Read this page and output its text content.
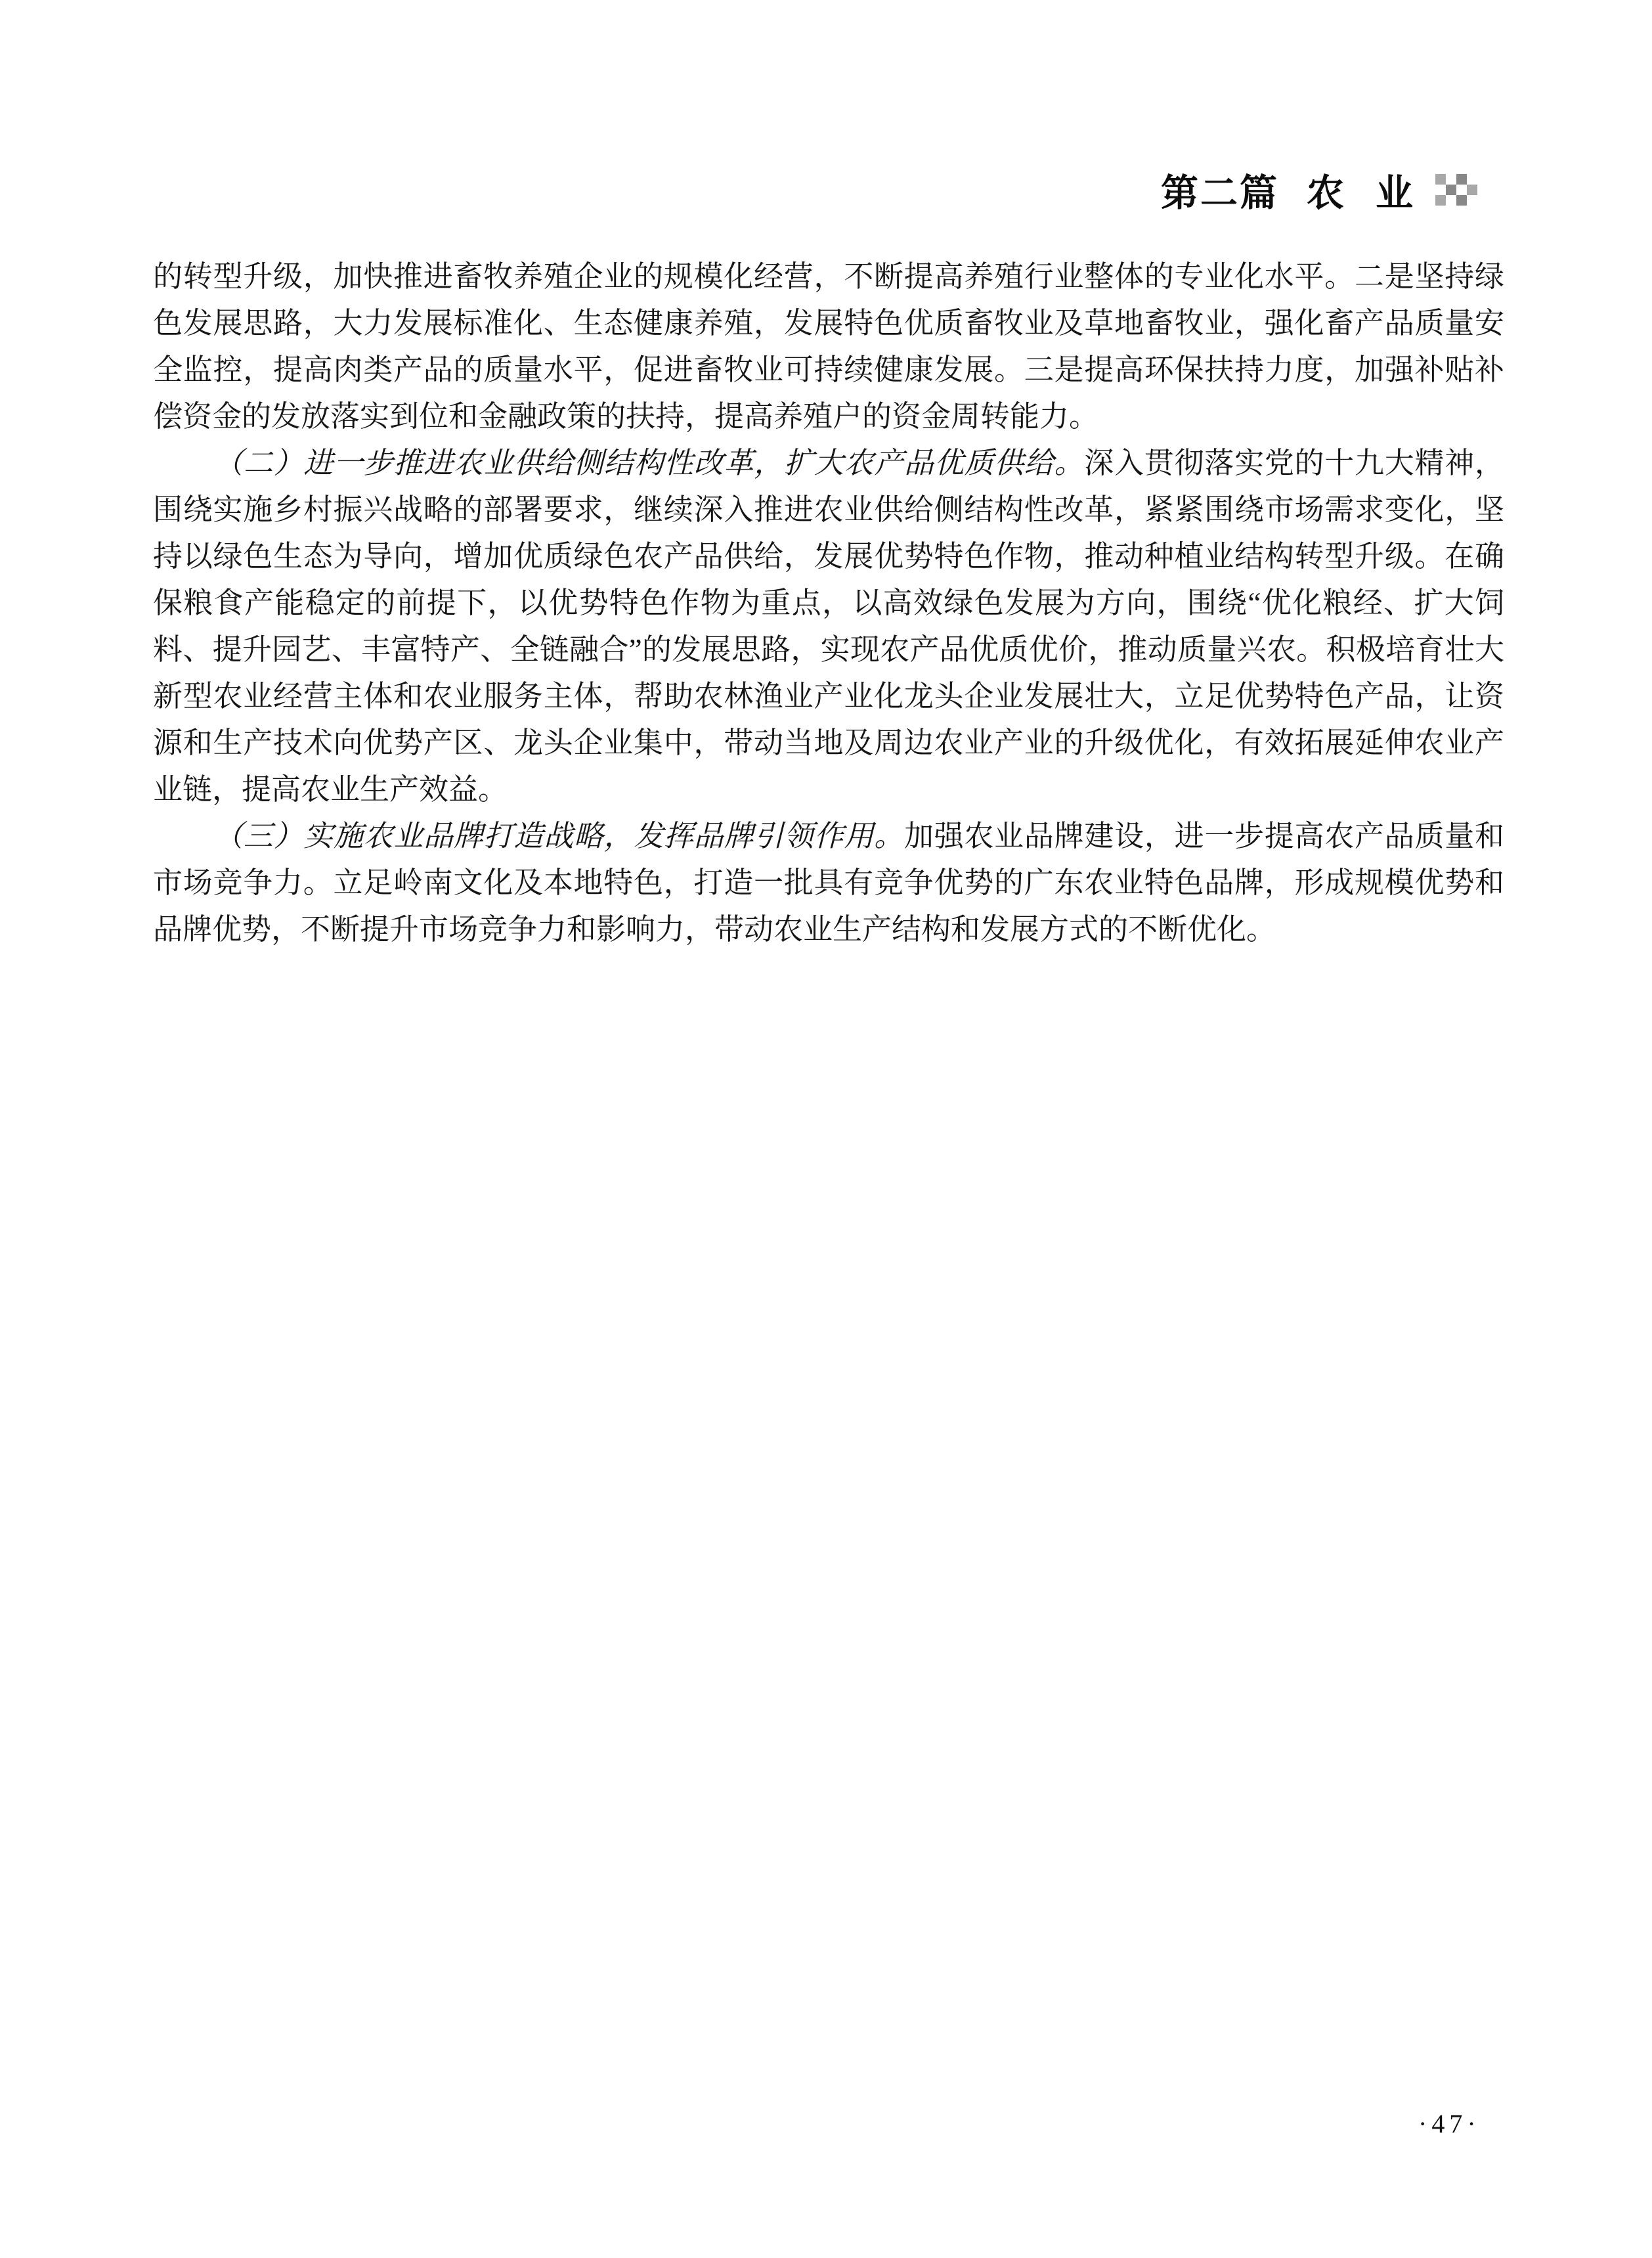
第二篇 农 业

的转型升级，加快推进畜牧养殖企业的规模化经营，不断提高养殖行业整体的专业化水平。二是坚持绿色发展思路，大力发展标准化、生态健康养殖，发展特色优质畜牧业及草地畜牧业，强化畜产品质量安全监控，提高肉类产品的质量水平，促进畜牧业可持续健康发展。三是提高环保扶持力度，加强补贴补偿资金的发放落实到位和金融政策的扶持，提高养殖户的资金周转能力。

（二）进一步推进农业供给侧结构性改革，扩大农产品优质供给。深入贯彻落实党的十九大精神，围绕实施乡村振兴战略的部署要求，继续深入推进农业供给侧结构性改革，紧紧围绕市场需求变化，坚持以绿色生态为导向，增加优质绿色农产品供给，发展优势特色作物，推动种植业结构转型升级。在确保粮食产能稳定的前提下，以优势特色作物为重点，以高效绿色发展为方向，围绕“优化粮经、扩大饲料、提升园艺、丰富特产、全链融合”的发展思路，实现农产品优质优价，推动质量兴农。积极培育壮大新型农业经营主体和农业服务主体，帮助农林渔业产业化龙头企业发展壮大，立足优势特色产品，让资源和生产技术向优势产区、龙头企业集中，带动当地及周边农业产业的升级优化，有效拓展延伸农业产业链，提高农业生产效益。

（三）实施农业品牌打造战略，发挥品牌引领作用。加强农业品牌建设，进一步提高农产品质量和市场竞争力。立足岭南文化及本地特色，打造一批具有竞争优势的广东农业特色品牌，形成规模优势和品牌优势，不断提升市场竞争力和影响力，带动农业生产结构和发展方式的不断优化。

·47·
